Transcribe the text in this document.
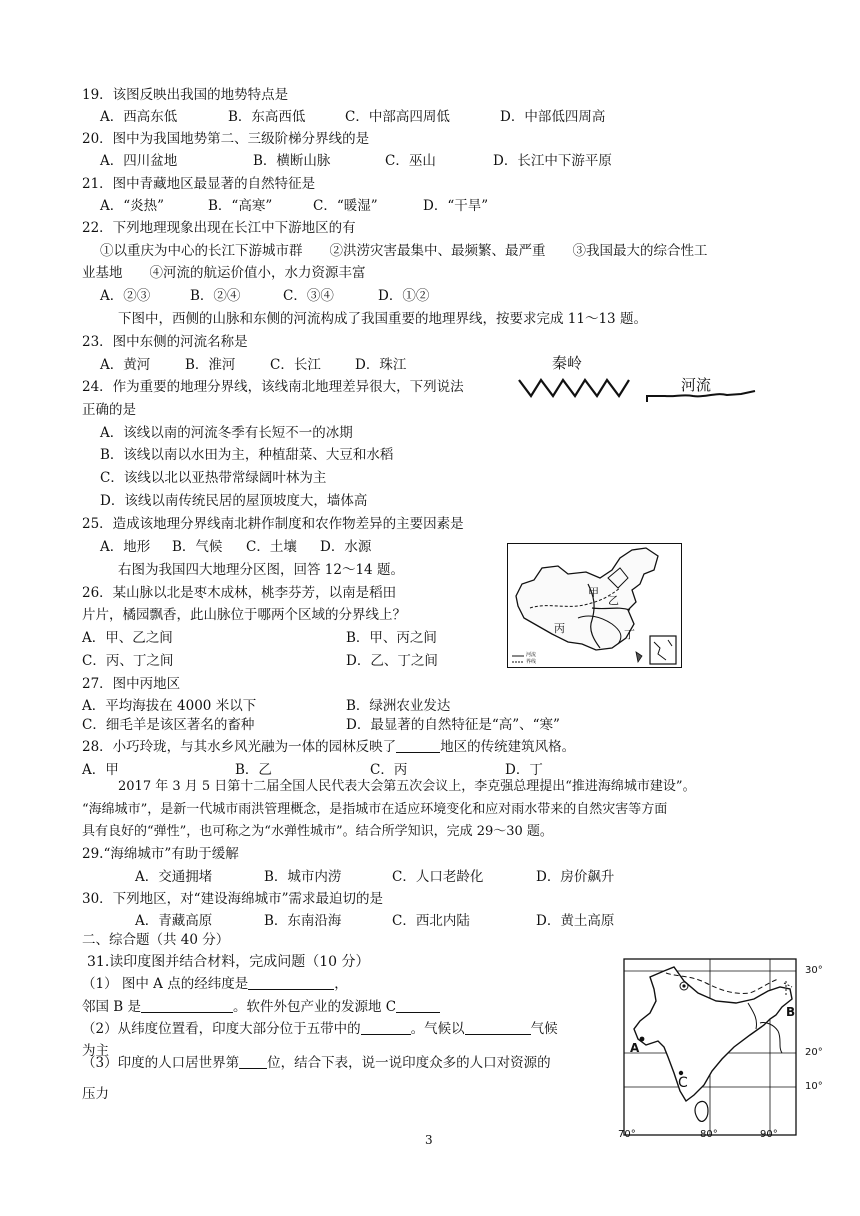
19．该图反映出我国的地势特点是
A．西高东低	B．东高西低	C．中部高四周低	D．中部低四周高
20．图中为我国地势第二、三级阶梯分界线的是
A．四川盆地	B．横断山脉	C．巫山	D．长江中下游平原
21．图中青藏地区最显著的自然特征是
A．“炎热”	B．“高寒”	C．“暖湿”	D．“干旱”
22．下列地理现象出现在长江中下游地区的有
①以重庆为中心的长江下游城市群　　②洪涝灾害最集中、最频繁、最严重　　③我国最大的综合性工
业基地　　④河流的航运价值小，水力资源丰富
A．②③	B．②④	C．③④	D．①②
下图中，西侧的山脉和东侧的河流构成了我国重要的地理界线，按要求完成 11～13 题。
23．图中东侧的河流名称是
A．黄河	B．淮河	C．长江	D．珠江	秦岭
河流
24．作为重要的地理分界线，该线南北地理差异很大，下列说法
正确的是
A．该线以南的河流冬季有长短不一的冰期
B．该线以南以水田为主，种植甜菜、大豆和水稻
C．该线以北以亚热带常绿阔叶林为主
D．该线以南传统民居的屋顶坡度大，墙体高
25．造成该地理分界线南北耕作制度和农作物差异的主要因素是
A．地形 B．气候 C．土壤 D．水源
右图为我国四大地理分区图，回答 12～14 题。
甲
乙
丙	丁
河流
界线
26．某山脉以北是枣木成林，桃李芬芳，以南是稻田
片片，橘园飘香，此山脉位于哪两个区域的分界线上？
A．甲、乙之间	B．甲、丙之间
C．丙、丁之间	D．乙、丁之间
27．图中丙地区
A．平均海拔在 4000 米以下	B．绿洲农业发达
C．细毛羊是该区著名的畜种	D．最显著的自然特征是“高”、“寒”
28．小巧玲珑，与其水乡风光融为一体的园林反映了	地区的传统建筑风格。
A．甲	B．乙	C．丙	D．丁
2017 年 3 月 5 日第十二届全国人民代表大会第五次会议上，李克强总理提出“推进海绵城市建设”。
“海绵城市”，是新一代城市雨洪管理概念，是指城市在适应环境变化和应对雨水带来的自然灾害等方面
具有良好的“弹性”，也可称之为“水弹性城市”。结合所学知识，完成 29～30 题。
29.“海绵城市”有助于缓解
A．交通拥堵	B．城市内涝	C．人口老龄化	D．房价飙升
30．下列地区，对“建设海绵城市”需求最迫切的是
A．青藏高原	B．东南沿海	C．西北内陆	D．黄土高原
二、综合题（共 40 分）
31.读印度图并结合材料，完成问题（10 分）
（1） 图中 A 点的经纬度是	，
邻国 B 是	。软件外包产业的发源地 C
（2）从纬度位置看，印度大部分位于五带中的	。气候以	气候
为主
（3）印度的人口居世界第 位，结合下表，说一说印度众多的人口对资源的
压力
30°
20°
10°
70°	80°	90°
A
B
C
3
